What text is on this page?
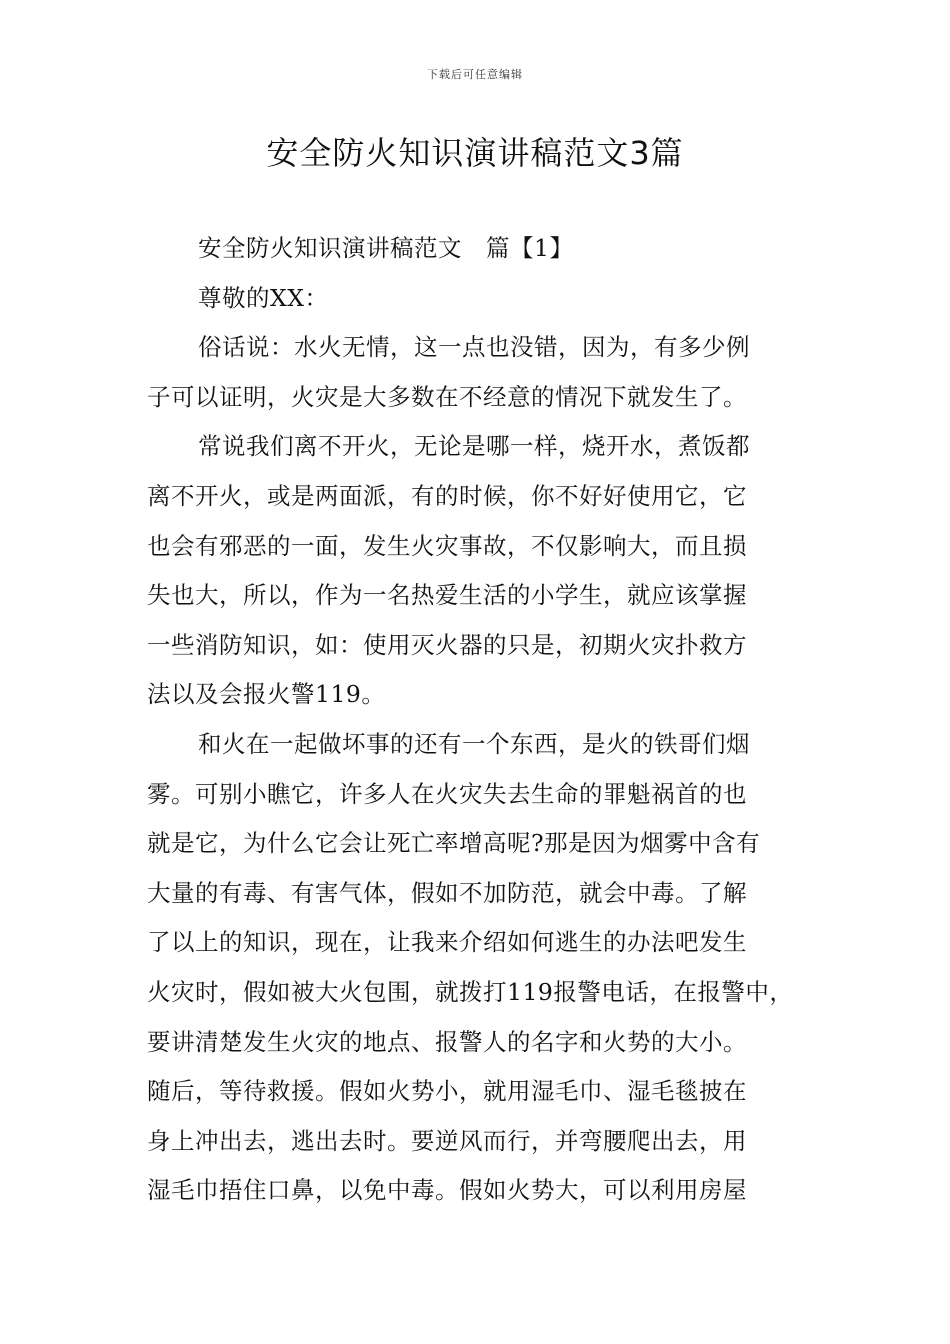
下载后可任意编辑
安全防火知识演讲稿范文3篇
安全防火知识演讲稿范文　篇【1】
尊敬的XX：
俗话说：水火无情，这一点也没错，因为，有多少例
子可以证明，火灾是大多数在不经意的情况下就发生了。
常说我们离不开火，无论是哪一样，烧开水，煮饭都
离不开火，或是两面派，有的时候，你不好好使用它，它
也会有邪恶的一面，发生火灾事故，不仅影响大，而且损
失也大，所以，作为一名热爱生活的小学生，就应该掌握
一些消防知识，如：使用灭火器的只是，初期火灾扑救方
法以及会报火警119。
和火在一起做坏事的还有一个东西，是火的铁哥们烟
雾。可别小瞧它，许多人在火灾失去生命的罪魁祸首的也
就是它，为什么它会让死亡率增高呢?那是因为烟雾中含有
大量的有毒、有害气体，假如不加防范，就会中毒。了解
了以上的知识，现在，让我来介绍如何逃生的办法吧发生
火灾时，假如被大火包围，就拨打119报警电话，在报警中，
要讲清楚发生火灾的地点、报警人的名字和火势的大小。
随后，等待救援。假如火势小，就用湿毛巾、湿毛毯披在
身上冲出去，逃出去时。要逆风而行，并弯腰爬出去，用
湿毛巾捂住口鼻，以免中毒。假如火势大，可以利用房屋
